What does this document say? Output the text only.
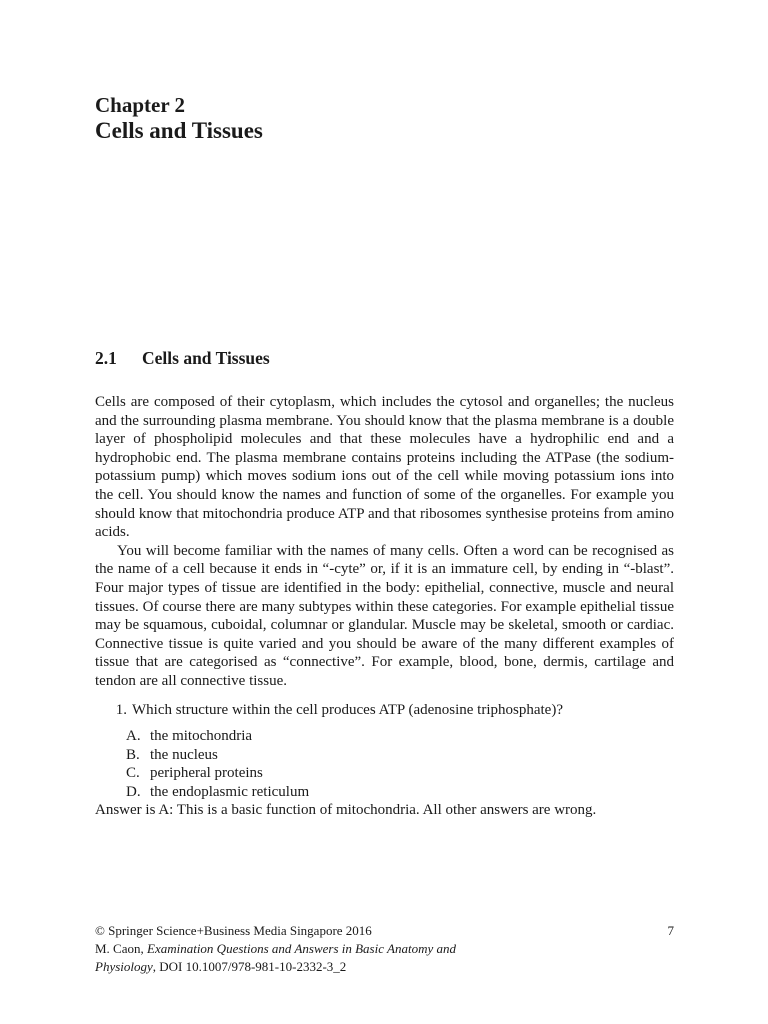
Chapter 2
Cells and Tissues
2.1 Cells and Tissues

Cells are composed of their cytoplasm, which includes the cytosol and organelles; the nucleus and the surrounding plasma membrane. You should know that the plasma membrane is a double layer of phospholipid molecules and that these molecules have a hydrophilic end and a hydrophobic end. The plasma membrane contains proteins including the ATPase (the sodium-potassium pump) which moves sodium ions out of the cell while moving potassium ions into the cell. You should know the names and function of some of the organelles. For example you should know that mitochondria produce ATP and that ribosomes synthesise proteins from amino acids.

You will become familiar with the names of many cells. Often a word can be recognised as the name of a cell because it ends in “-cyte” or, if it is an immature cell, by ending in “-blast”. Four major types of tissue are identified in the body: epithelial, connective, muscle and neural tissues. Of course there are many subtypes within these categories. For example epithelial tissue may be squamous, cuboidal, columnar or glandular. Muscle may be skeletal, smooth or cardiac. Connective tissue is quite varied and you should be aware of the many different examples of tissue that are categorised as “connective”. For example, blood, bone, dermis, cartilage and tendon are all connective tissue.

1. Which structure within the cell produces ATP (adenosine triphosphate)?
A. the mitochondria
B. the nucleus
C. peripheral proteins
D. the endoplasmic reticulum

Answer is A: This is a basic function of mitochondria. All other answers are wrong.

© Springer Science+Business Media Singapore 2016	7
M. Caon, Examination Questions and Answers in Basic Anatomy and
Physiology, DOI 10.1007/978-981-10-2332-3_2
